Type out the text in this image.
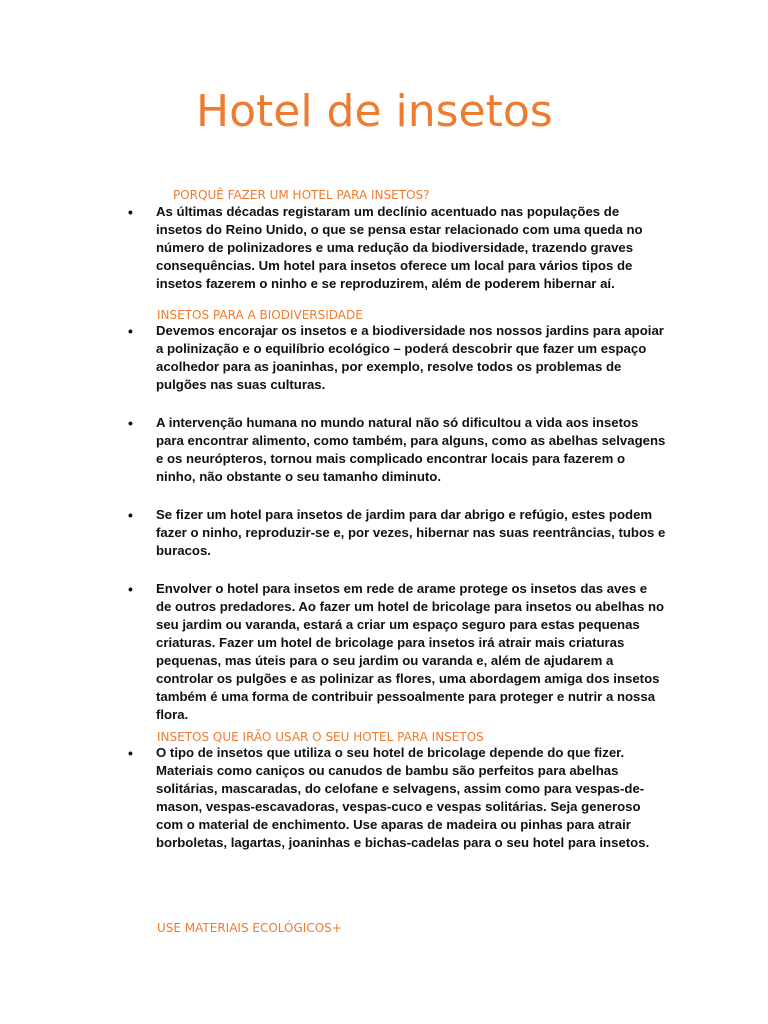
Hotel de insetos
PORQUÊ FAZER UM HOTEL PARA INSETOS?
• As últimas décadas registaram um declínio acentuado nas populações de insetos do Reino Unido, o que se pensa estar relacionado com uma queda no número de polinizadores e uma redução da biodiversidade, trazendo graves consequências. Um hotel para insetos oferece um local para vários tipos de insetos fazerem o ninho e se reproduzirem, além de poderem hibernar aí.
INSETOS PARA A BIODIVERSIDADE
• Devemos encorajar os insetos e a biodiversidade nos nossos jardins para apoiar a polinização e o equilíbrio ecológico – poderá descobrir que fazer um espaço acolhedor para as joaninhas, por exemplo, resolve todos os problemas de pulgões nas suas culturas.
• A intervenção humana no mundo natural não só dificultou a vida aos insetos para encontrar alimento, como também, para alguns, como as abelhas selvagens e os neurópteros, tornou mais complicado encontrar locais para fazerem o ninho, não obstante o seu tamanho diminuto.
• Se fizer um hotel para insetos de jardim para dar abrigo e refúgio, estes podem fazer o ninho, reproduzir-se e, por vezes, hibernar nas suas reentrâncias, tubos e buracos.
• Envolver o hotel para insetos em rede de arame protege os insetos das aves e de outros predadores. Ao fazer um hotel de bricolage para insetos ou abelhas no seu jardim ou varanda, estará a criar um espaço seguro para estas pequenas criaturas. Fazer um hotel de bricolage para insetos irá atrair mais criaturas pequenas, mas úteis para o seu jardim ou varanda e, além de ajudarem a controlar os pulgões e as polinizar as flores, uma abordagem amiga dos insetos também é uma forma de contribuir pessoalmente para proteger e nutrir a nossa flora.
INSETOS QUE IRÃO USAR O SEU HOTEL PARA INSETOS
• O tipo de insetos que utiliza o seu hotel de bricolage depende do que fizer. Materiais como caniços ou canudos de bambu são perfeitos para abelhas solitárias, mascaradas, do celofane e selvagens, assim como para vespas-de-mason, vespas-escavadoras, vespas-cuco e vespas solitárias. Seja generoso com o material de enchimento. Use aparas de madeira ou pinhas para atrair borboletas, lagartas, joaninhas e bichas-cadelas para o seu hotel para insetos.
USE MATERIAIS ECOLÓGICOS+
